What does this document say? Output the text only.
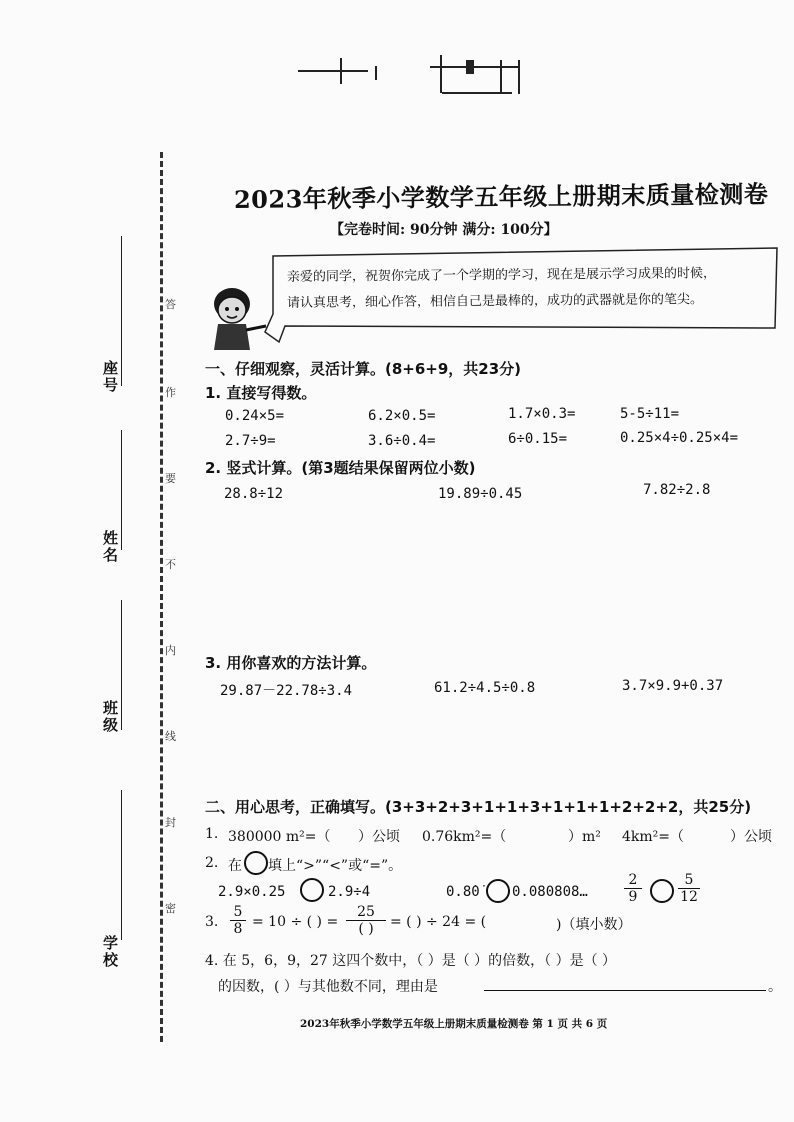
座号
姓名
班级
学校
答
作
要
不
内
线
封
密
2023年秋季小学数学五年级上册期末质量检测卷
【完卷时间: 90分钟 满分: 100分】
亲爱的同学，祝贺你完成了一个学期的学习，现在是展示学习成果的时候，
请认真思考，细心作答，相信自己是最棒的，成功的武器就是你的笔尖。
一、仔细观察，灵活计算。(8+6+9，共23分)
1. 直接写得数。
0.24×5=	6.2×0.5=	1.7×0.3=	5-5÷11=
2.7÷9=	3.6÷0.4=	6÷0.15=	0.25×4÷0.25×4=
2. 竖式计算。(第3题结果保留两位小数)
28.8÷12	19.89÷0.45	7.82÷2.8
3. 用你喜欢的方法计算。
29.87－22.78÷3.4	61.2÷4.5÷0.8	3.7×9.9+0.37
二、用心思考，正确填写。(3+3+2+3+1+1+3+1+1+1+2+2+2，共25分)
1. 380000 m²=（ ）公顷 0.76km²=（	）m² 4km²=（	）公顷
2. 在 填上“>”“<”或“=”。
2.9×0.25	2.9÷4	0.8̇0̇ 0.080808…	$\frac{2}{9}$	$\frac{5}{12}$
3. $\frac{5}{8} = 10$ ÷ ( ) =
25
( )	= ( ) ÷ 24 = (	)（填小数）
4. 在 5，6，9，27 这四个数中，（ ）是（ ）的倍数，（ ）是（ ）
的因数，( ）与其他数不同，理由是	。
2023年秋季小学数学五年级上册期末质量检测卷 第 1 页 共 6 页
